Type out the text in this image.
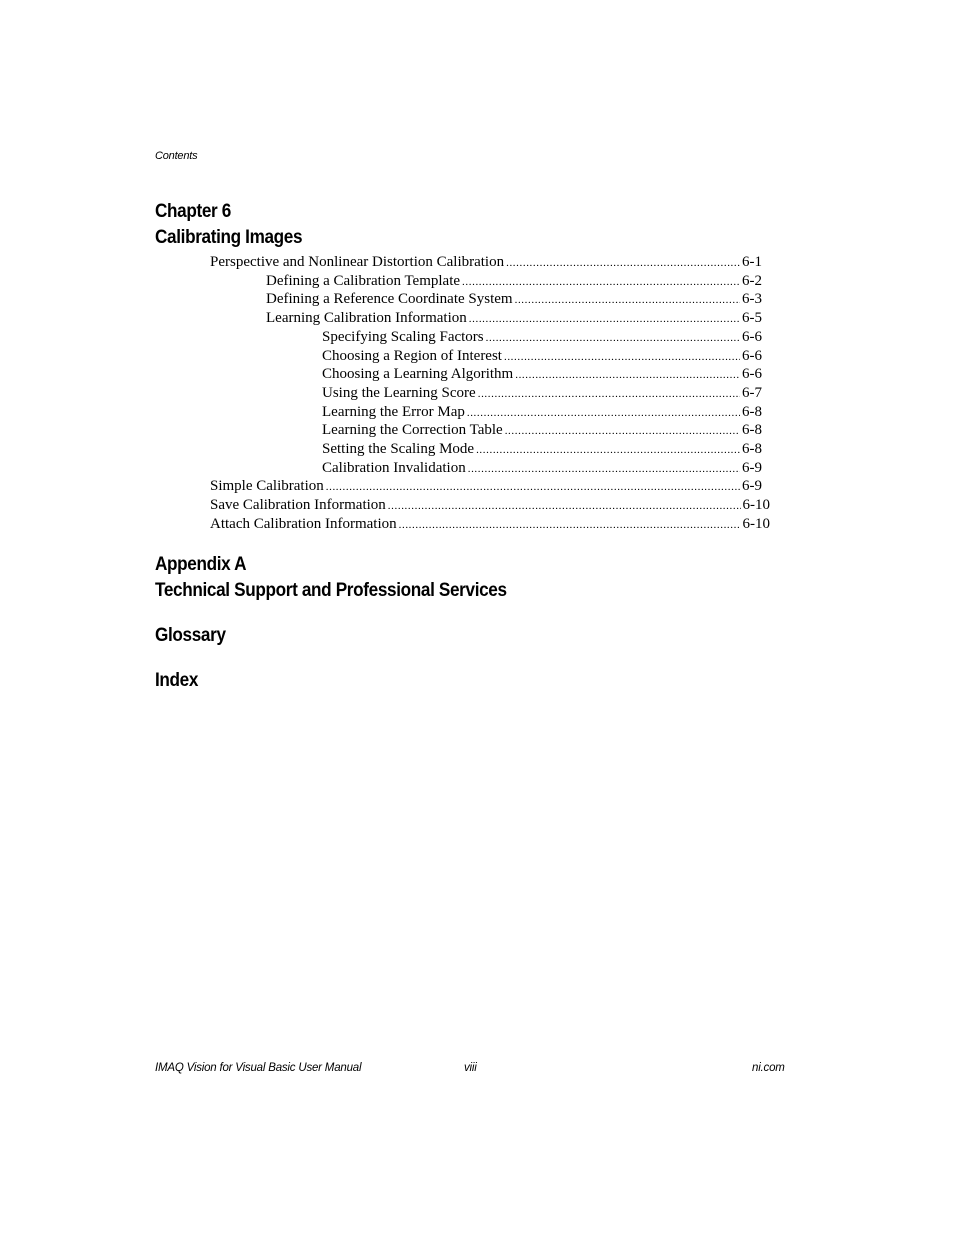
Contents
Chapter 6
Calibrating Images
Perspective and Nonlinear Distortion Calibration .....	6-1
Defining a Calibration Template .....	6-2
Defining a Reference Coordinate System .....	6-3
Learning Calibration Information .....	6-5
Specifying Scaling Factors .....	6-6
Choosing a Region of Interest .....	6-6
Choosing a Learning Algorithm .....	6-6
Using the Learning Score .....	6-7
Learning the Error Map .....	6-8
Learning the Correction Table .....	6-8
Setting the Scaling Mode .....	6-8
Calibration Invalidation .....	6-9
Simple Calibration .....	6-9
Save Calibration Information .....	6-10
Attach Calibration Information .....	6-10
Appendix A
Technical Support and Professional Services
Glossary
Index
IMAQ Vision for Visual Basic User Manual	viii	ni.com
